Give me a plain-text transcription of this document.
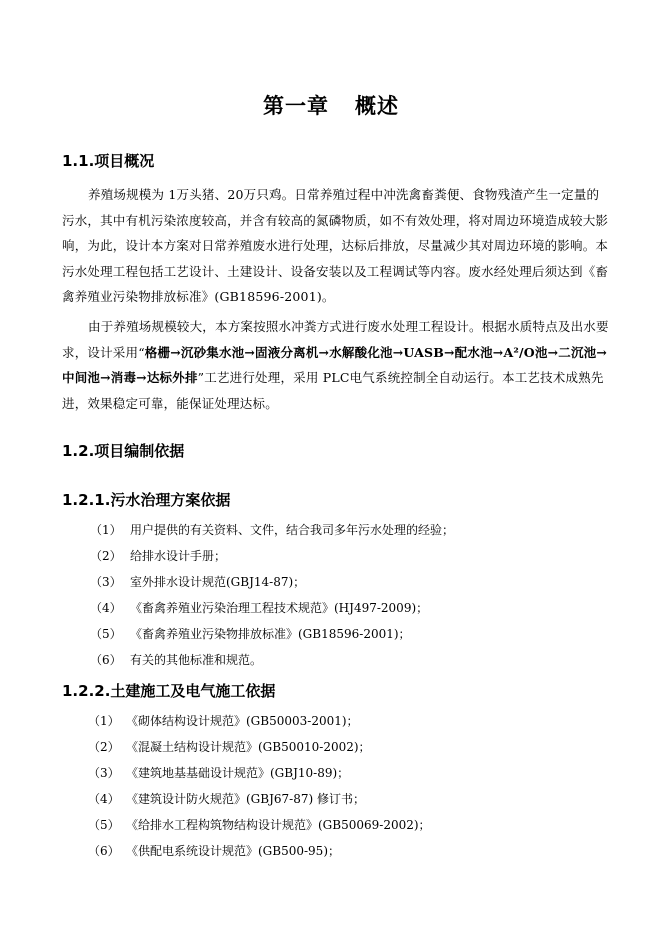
第一章 概述
1.1.项目概况

养殖场规模为 1万头猪、20万只鸡。日常养殖过程中冲洗禽畜粪便、食物残渣产生一定量的污水，其中有机污染浓度较高，并含有较高的氮磷物质，如不有效处理，将对周边环境造成较大影响，为此，设计本方案对日常养殖废水进行处理，达标后排放，尽量减少其对周边环境的影响。本污水处理工程包括工艺设计、土建设计、设备安装以及工程调试等内容。废水经处理后须达到《畜禽养殖业污染物排放标准》(GB18596-2001)。

由于养殖场规模较大，本方案按照水冲粪方式进行废水处理工程设计。根据水质特点及出水要求，设计采用“格栅→沉砂集水池→固液分离机→水解酸化池→UASB→配水池→A²/O池→二沉池→中间池→消毒→达标外排”工艺进行处理，采用 PLC电气系统控制全自动运行。本工艺技术成熟先进，效果稳定可靠，能保证处理达标。

1.2.项目编制依据
1.2.1.污水治理方案依据
（1） 用户提供的有关资料、文件，结合我司多年污水处理的经验；
（2） 给排水设计手册；
（3） 室外排水设计规范(GBJ14-87)；
（4） 《畜禽养殖业污染治理工程技术规范》(HJ497-2009)；
（5） 《畜禽养殖业污染物排放标准》(GB18596-2001)；
（6） 有关的其他标准和规范。
1.2.2.土建施工及电气施工依据
（1） 《砌体结构设计规范》(GB50003-2001)；
（2） 《混凝土结构设计规范》(GB50010-2002)；
（3） 《建筑地基基础设计规范》(GBJ10-89)；
（4） 《建筑设计防火规范》(GBJ67-87) 修订书；
（5） 《给排水工程构筑物结构设计规范》(GB50069-2002)；
（6） 《供配电系统设计规范》(GB500-95)；
